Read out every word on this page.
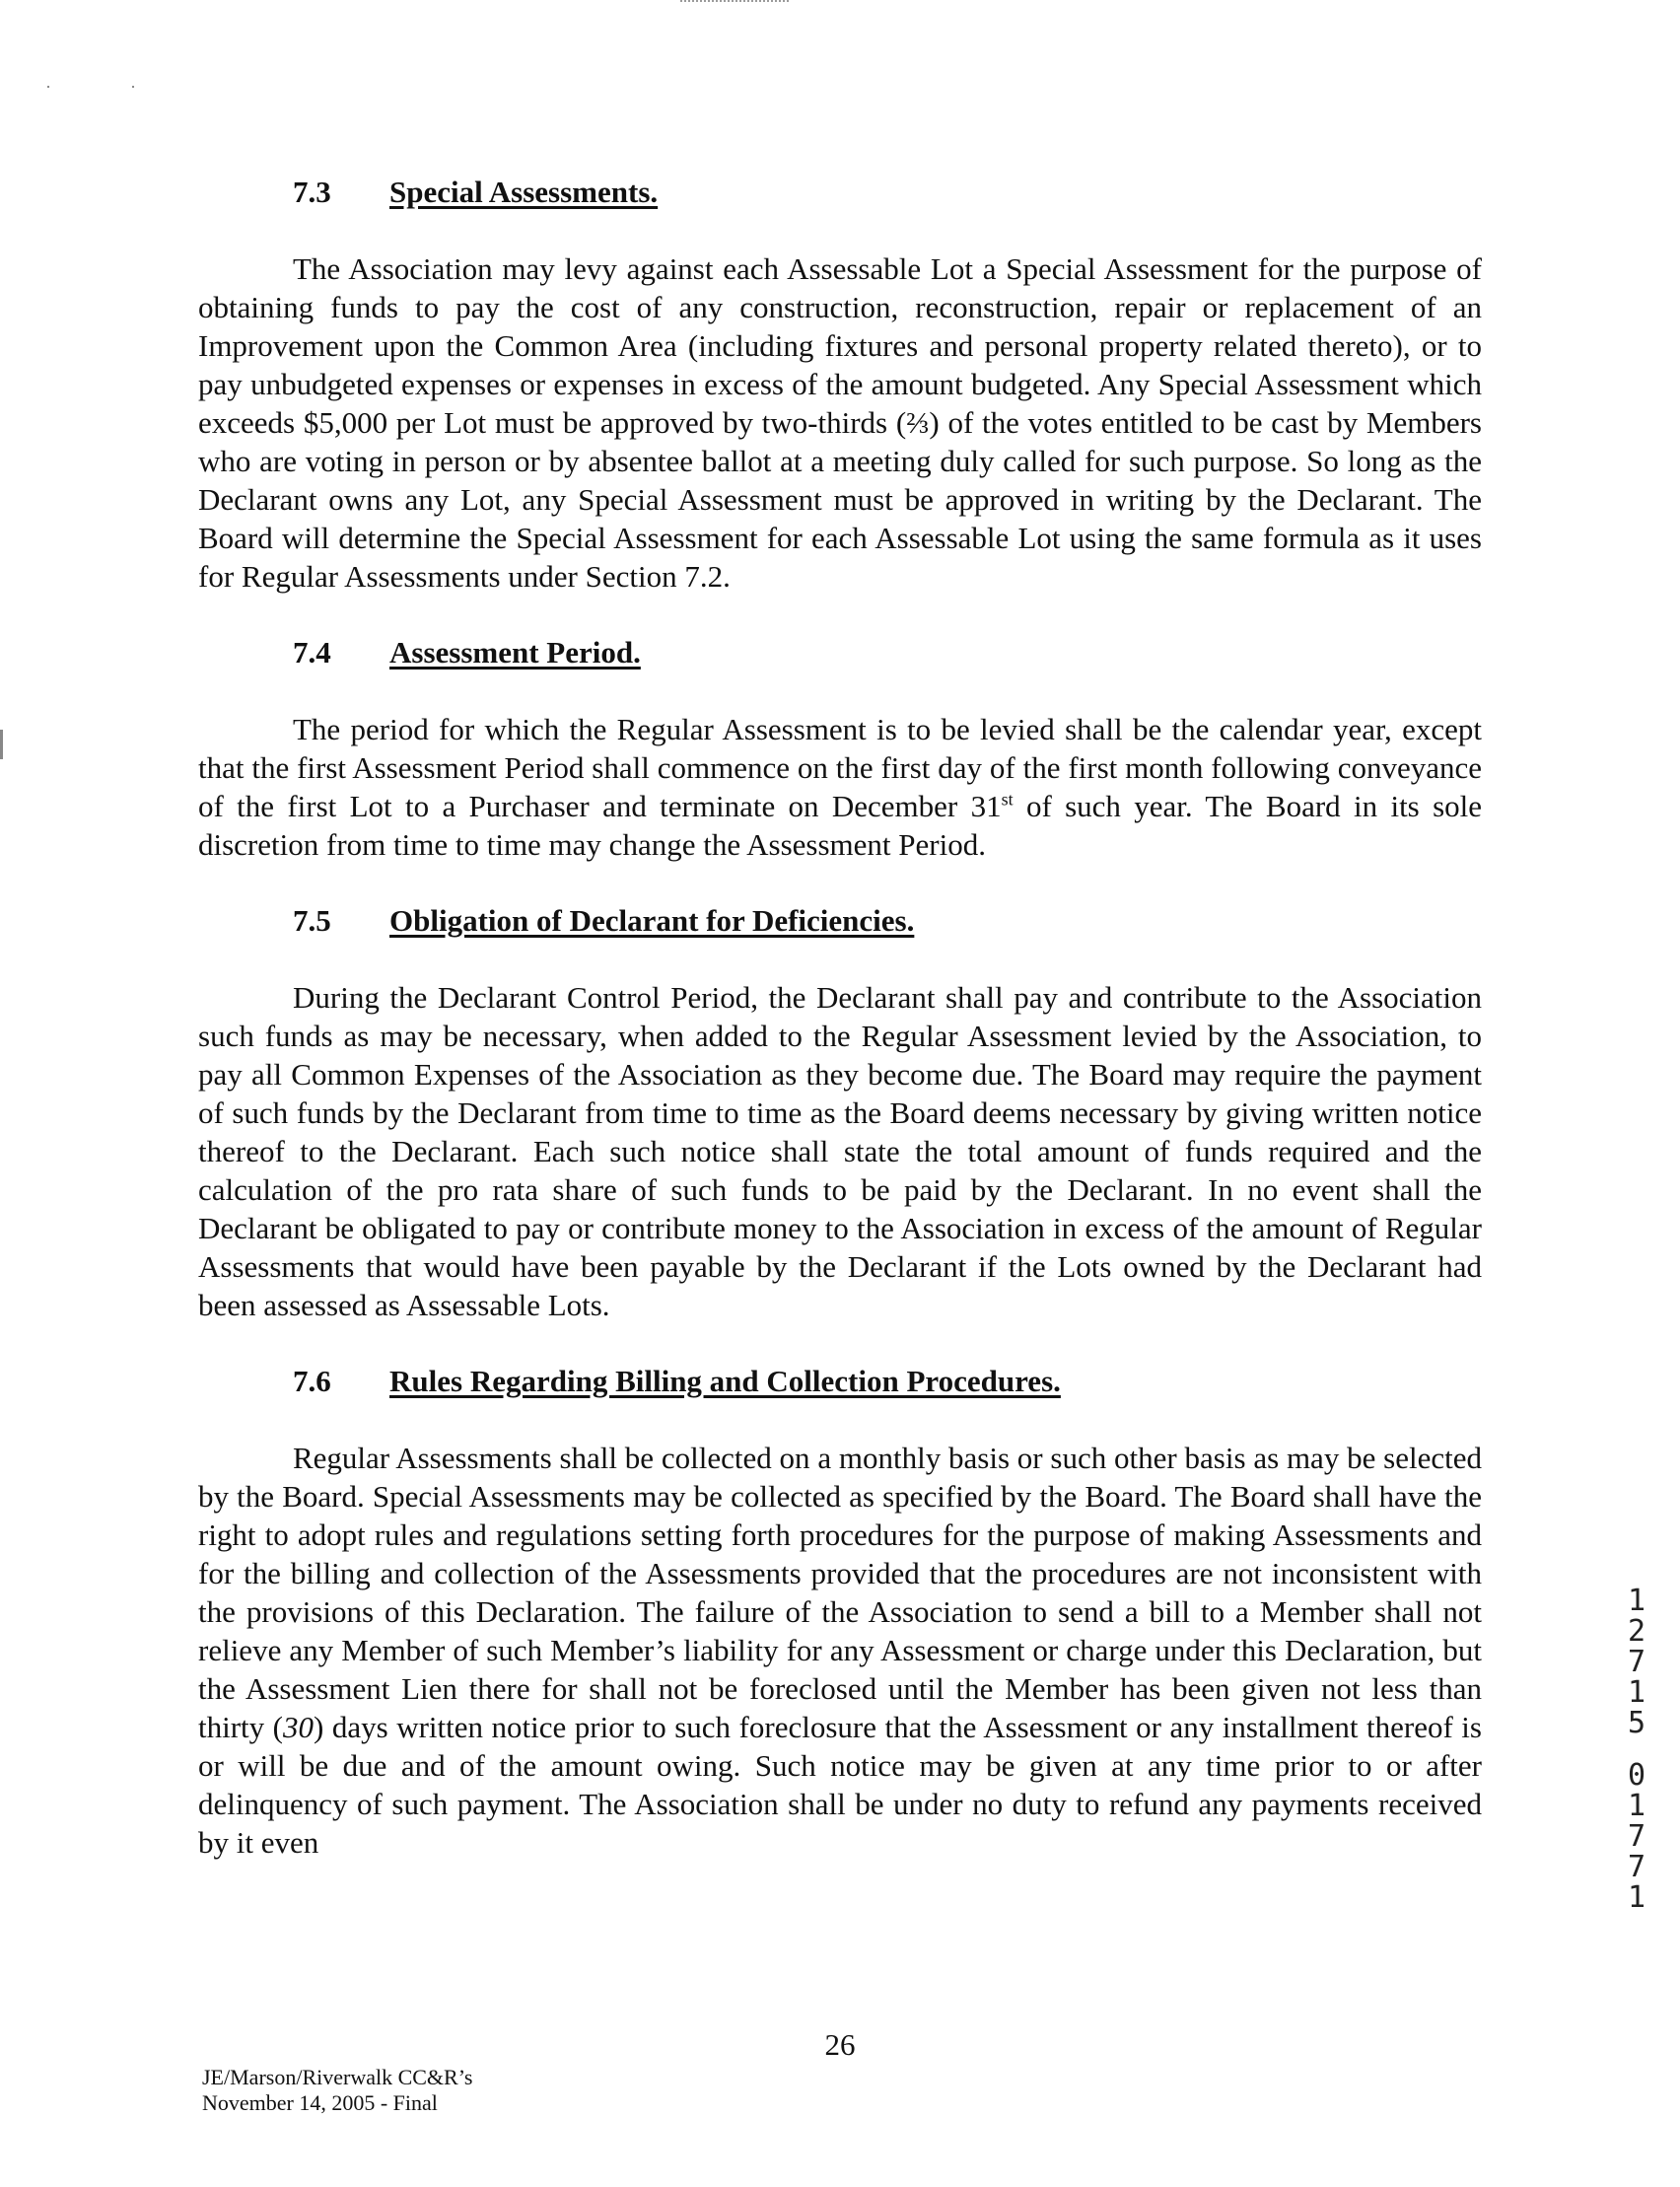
··

7.3 Special Assessments.

The Association may levy against each Assessable Lot a Special Assessment for the purpose of obtaining funds to pay the cost of any construction, reconstruction, repair or replacement of an Improvement upon the Common Area (including fixtures and personal property related thereto), or to pay unbudgeted expenses or expenses in excess of the amount budgeted. Any Special Assessment which exceeds $5,000 per Lot must be approved by two-thirds (⅔) of the votes entitled to be cast by Members who are voting in person or by absentee ballot at a meeting duly called for such purpose. So long as the Declarant owns any Lot, any Special Assessment must be approved in writing by the Declarant. The Board will determine the Special Assessment for each Assessable Lot using the same formula as it uses for Regular Assessments under Section 7.2.

7.4 Assessment Period.

The period for which the Regular Assessment is to be levied shall be the calendar year, except that the first Assessment Period shall commence on the first day of the first month following conveyance of the first Lot to a Purchaser and terminate on December 31st of such year. The Board in its sole discretion from time to time may change the Assessment Period.

7.5 Obligation of Declarant for Deficiencies.

During the Declarant Control Period, the Declarant shall pay and contribute to the Association such funds as may be necessary, when added to the Regular Assessment levied by the Association, to pay all Common Expenses of the Association as they become due. The Board may require the payment of such funds by the Declarant from time to time as the Board deems necessary by giving written notice thereof to the Declarant. Each such notice shall state the total amount of funds required and the calculation of the pro rata share of such funds to be paid by the Declarant. In no event shall the Declarant be obligated to pay or contribute money to the Association in excess of the amount of Regular Assessments that would have been payable by the Declarant if the Lots owned by the Declarant had been assessed as Assessable Lots.

7.6 Rules Regarding Billing and Collection Procedures.

Regular Assessments shall be collected on a monthly basis or such other basis as may be selected by the Board. Special Assessments may be collected as specified by the Board. The Board shall have the right to adopt rules and regulations setting forth procedures for the purpose of making Assessments and for the billing and collection of the Assessments provided that the procedures are not inconsistent with the provisions of this Declaration. The failure of the Association to send a bill to a Member shall not relieve any Member of such Member’s liability for any Assessment or charge under this Declaration, but the Assessment Lien there for shall not be foreclosed until the Member has been given not less than thirty (30) days written notice prior to such foreclosure that the Assessment or any installment thereof is or will be due and of the amount owing. Such notice may be given at any time prior to or after delinquency of such payment. The Association shall be under no duty to refund any payments received by it even

1
2
7
1
5
0
1
7
7
1
26
JE/Marson/Riverwalk CC&R’s
November 14, 2005 - Final
